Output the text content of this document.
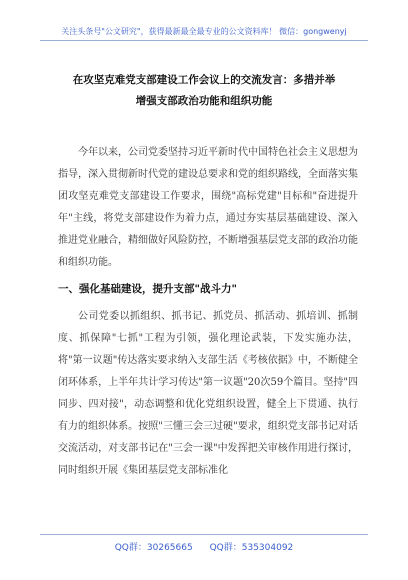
关注头条号"公文研究"，获得最新最全最专业的公文资料库！ 微信：gongwenyj
在攻坚克难党支部建设工作会议上的交流发言：多措并举
增强支部政治功能和组织功能

今年以来，公司党委坚持习近平新时代中国特色社会主义思想为指导，深入贯彻新时代党的建设总要求和党的组织路线，全面落实集团攻坚克难党支部建设工作要求，围绕"高标党建"目标和"奋进提升年"主线，将党支部建设作为着力点，通过夯实基层基础建设、深入推进党业融合，精细做好风险防控，不断增强基层党支部的政治功能和组织功能。

一、强化基础建设，提升支部"战斗力"

公司党委以抓组织、抓书记、抓党员、抓活动、抓培训、抓制度、抓保障"七抓"工程为引领，强化理论武装，下发实施办法，将"第一议题"传达落实要求纳入支部生活《考核依据》中，不断健全闭环体系，上半年共计学习传达"第一议题"20次59个篇目。坚持"四同步、四对接"，动态调整和优化党组织设置，健全上下贯通、执行有力的组织体系。按照"三懂三会三过硬"要求，组织党支部书记对话交流活动，对支部书记在"三会一课"中发挥把关审核作用进行探讨，同时组织开展《集团基层党支部标准化

QQ群：30265665 QQ群：535304092
